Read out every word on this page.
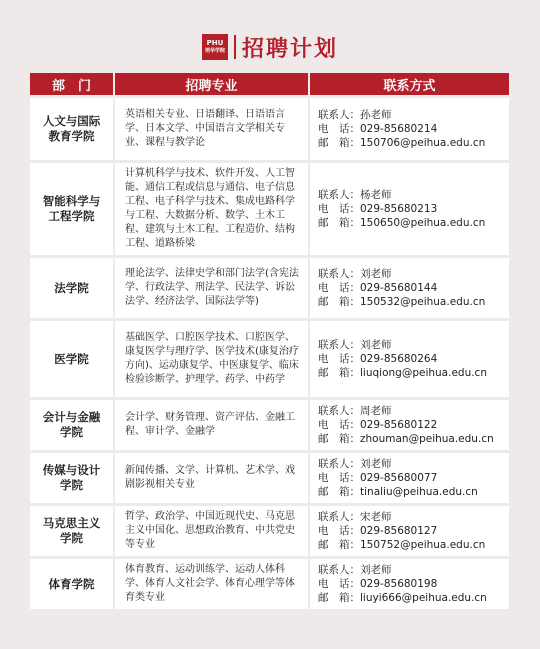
PHU
培华学院 招聘计划
部　门	招聘专业	联系方式
人文与国际教育学院	英语相关专业、日语翻译、日语语言学、日本文学、中国语言文学相关专业、课程与教学论	联系人：孙老师
电　话：029-85680214
邮　箱：150706@peihua.edu.cn

智能科学与工程学院	计算机科学与技术、软件开发、人工智能、通信工程或信息与通信、电子信息工程、电子科学与技术、集成电路科学与工程、大数据分析、数学、土木工程、建筑与土木工程、工程造价、结构工程、道路桥梁	联系人：杨老师
电　话：029-85680213
邮　箱：150650@peihua.edu.cn

法学院	理论法学、法律史学和部门法学(含宪法学、行政法学、刑法学、民法学、诉讼法学、经济法学、国际法学等)	联系人：刘老师
电　话：029-85680144
邮　箱：150532@peihua.edu.cn

医学院	基础医学、口腔医学技术、口腔医学、康复医学与理疗学、医学技术(康复治疗方向)、运动康复学、中医康复学、临床检验诊断学、护理学、药学、中药学	联系人：刘老师
电　话：029-85680264
邮　箱：liuqiong@peihua.edu.cn

会计与金融学院	会计学、财务管理、资产评估、金融工程、审计学、金融学	联系人：周老师
电　话：029-85680122
邮　箱：zhouman@peihua.edu.cn

传媒与设计学院	新闻传播、文学、计算机、艺术学、戏剧影视相关专业	联系人：刘老师
电　话：029-85680077
邮　箱：tinaliu@peihua.edu.cn

马克思主义学院	哲学、政治学、中国近现代史、马克思主义中国化、思想政治教育、中共党史等专业	联系人：宋老师
电　话：029-85680127
邮　箱：150752@peihua.edu.cn

体育学院	体育教育、运动训练学、运动人体科学、体育人文社会学、体育心理学等体育类专业	联系人：刘老师
电　话：029-85680198
邮　箱：liuyi666@peihua.edu.cn
